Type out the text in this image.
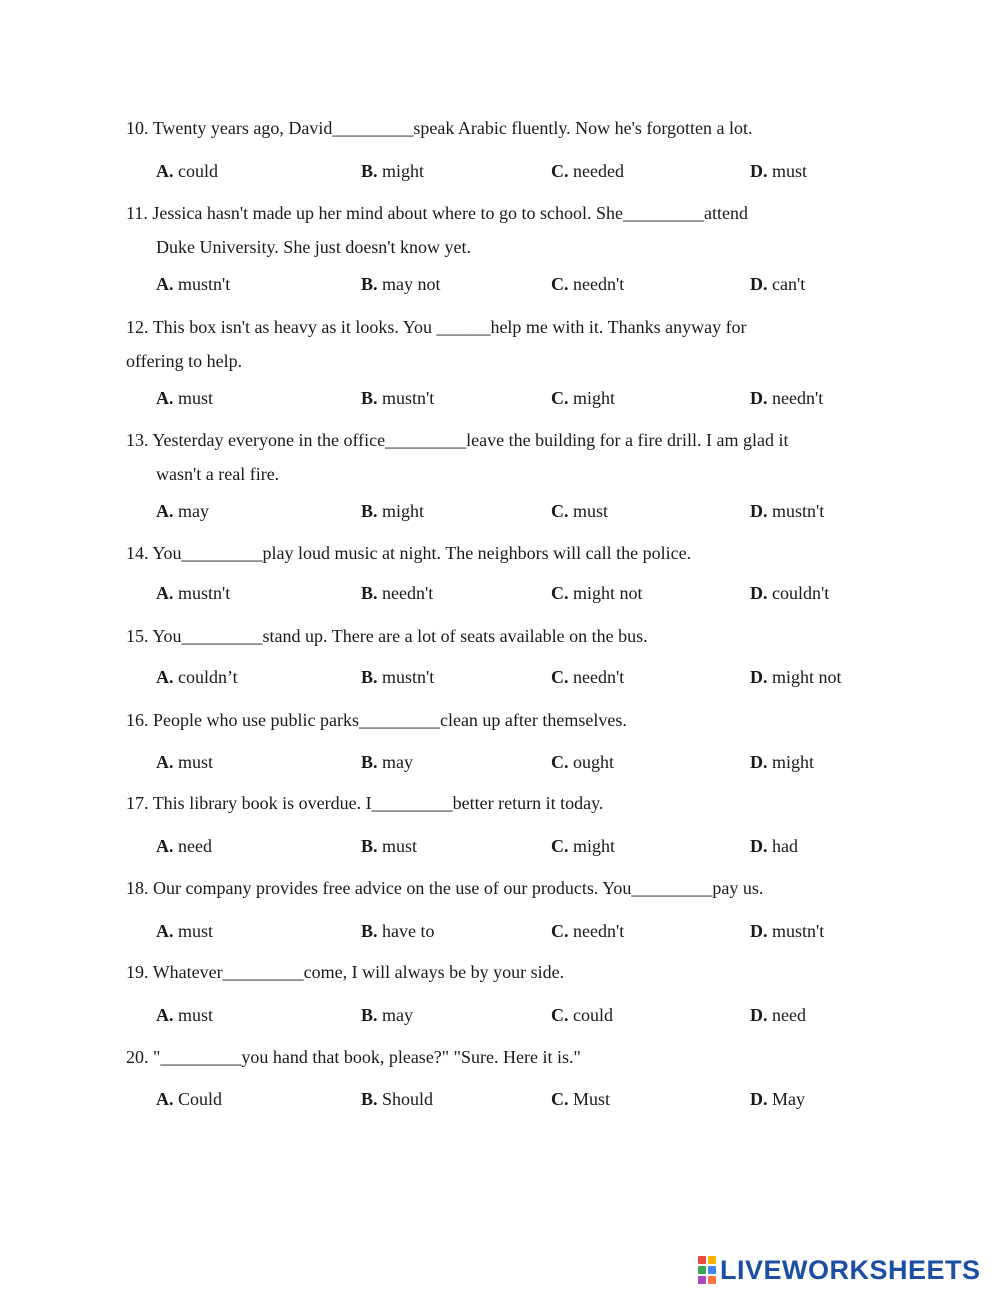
10. Twenty years ago, David_________speak Arabic fluently. Now he's forgotten a lot.
A. could	B. might	C. needed	D. must
11. Jessica hasn't made up her mind about where to go to school. She_________attend
Duke University. She just doesn't know yet.
A. mustn't	B. may not	C. needn't	D. can't
12. This box isn't as heavy as it looks. You ______help me with it. Thanks anyway for
offering to help.
A. must	B. mustn't	C. might	D. needn't
13. Yesterday everyone in the office_________leave the building for a fire drill. I am glad it
wasn't a real fire.
A. may	B. might	C. must	D. mustn't
14. You_________play loud music at night. The neighbors will call the police.
A. mustn't	B. needn't	C. might not	D. couldn't
15. You_________stand up. There are a lot of seats available on the bus.
A. couldn’t	B. mustn't	C. needn't	D. might not
16. People who use public parks_________clean up after themselves.
A. must	B. may	C. ought	D. might
17. This library book is overdue. I_________better return it today.
A. need	B. must	C. might	D. had
18. Our company provides free advice on the use of our products. You_________pay us.
A. must	B. have to	C. needn't	D. mustn't
19. Whatever_________come, I will always be by your side.
A. must	B. may	C. could	D. need
20. "_________you hand that book, please?" "Sure. Here it is."
A. Could	B. Should	C. Must	D. May
LIVEWORKSHEETS
